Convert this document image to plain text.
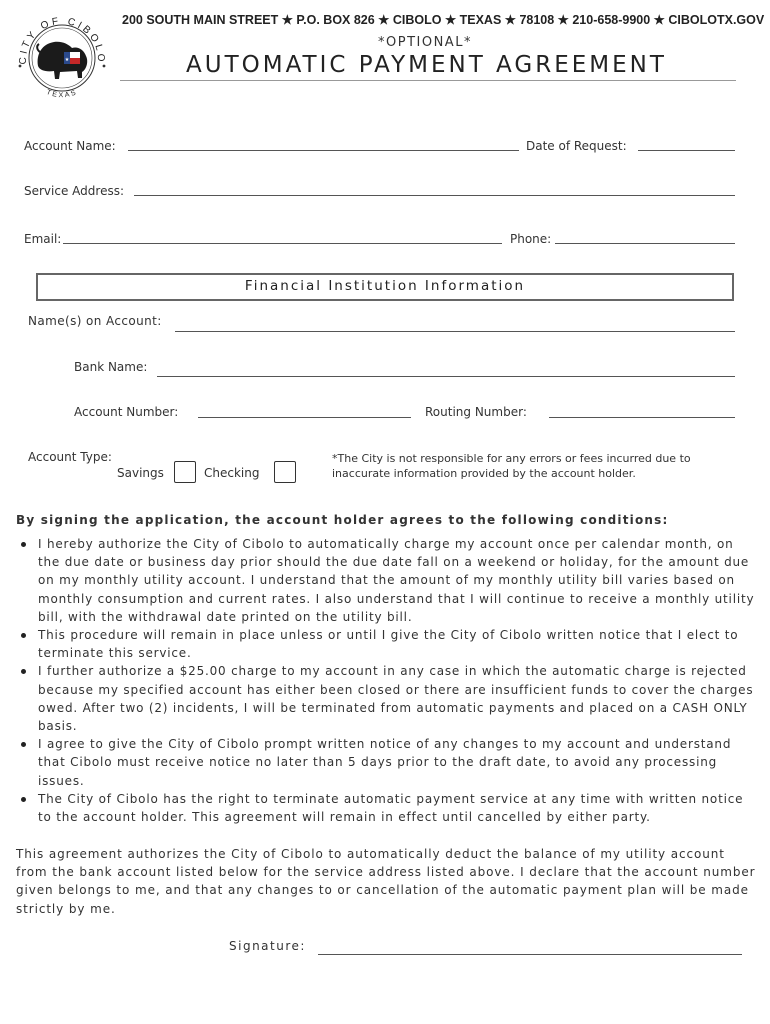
CITY OF CIBOLO
TEXAS
★
200 SOUTH MAIN STREET ★ P.O. BOX 826 ★ CIBOLO ★ TEXAS ★ 78108 ★ 210-658-9900 ★ CIBOLOTX.GOV
*OPTIONAL*
AUTOMATIC PAYMENT AGREEMENT
Account Name:	Date of Request:
Service Address:
Email:	Phone:
Financial Institution Information
Name(s) on Account:
Bank Name:
Account Number:	Routing Number:
Account Type:
Savings	Checking
*The City is not responsible for any errors or fees incurred due to inaccurate information provided by the account holder.
By signing the application, the account holder agrees to the following conditions:
I hereby authorize the City of Cibolo to automatically charge my account once per calendar month, on the due date or business day prior should the due date fall on a weekend or holiday, for the amount due on my monthly utility account. I understand that the amount of my monthly utility bill varies based on monthly consumption and current rates. I also understand that I will continue to receive a monthly utility bill, with the withdrawal date printed on the utility bill.
This procedure will remain in place unless or until I give the City of Cibolo written notice that I elect to terminate this service.
I further authorize a $25.00 charge to my account in any case in which the automatic charge is rejected because my specified account has either been closed or there are insufficient funds to cover the charges owed. After two (2) incidents, I will be terminated from automatic payments and placed on a CASH ONLY basis.
I agree to give the City of Cibolo prompt written notice of any changes to my account and understand that Cibolo must receive notice no later than 5 days prior to the draft date, to avoid any processing issues.
The City of Cibolo has the right to terminate automatic payment service at any time with written notice to the account holder. This agreement will remain in effect until cancelled by either party.
This agreement authorizes the City of Cibolo to automatically deduct the balance of my utility account from the bank account listed below for the service address listed above. I declare that the account number given belongs to me, and that any changes to or cancellation of the automatic payment plan will be made strictly by me.
Signature:
